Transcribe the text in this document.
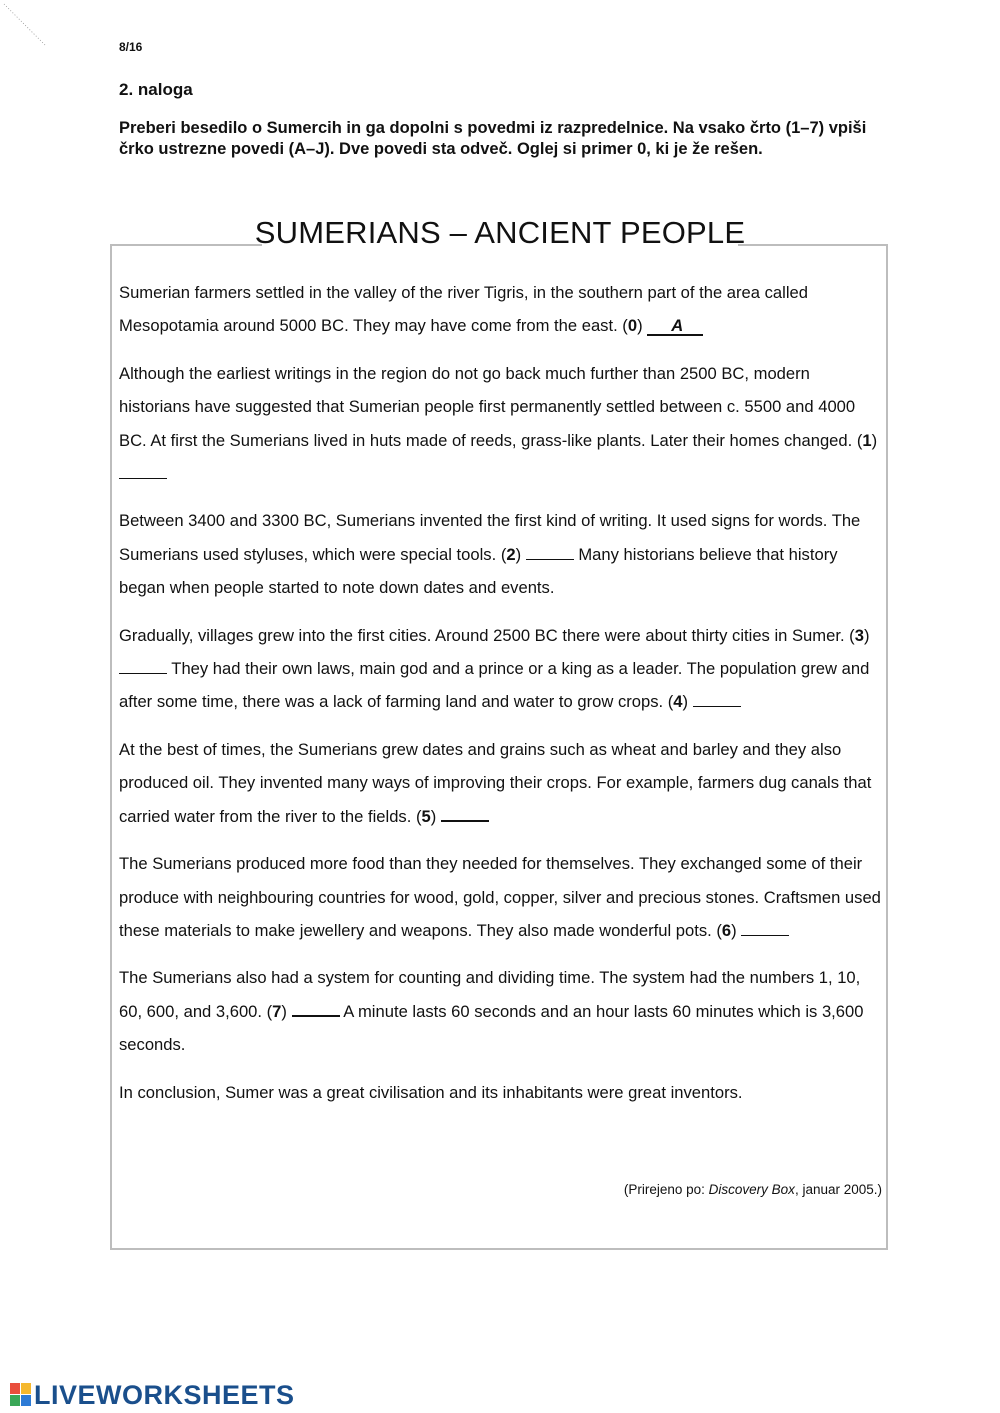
8/16
2. naloga
Preberi besedilo o Sumercih in ga dopolni s povedmi iz razpredelnice. Na vsako črto (1–7) vpiši črko ustrezne povedi (A–J). Dve povedi sta odveč. Oglej si primer 0, ki je že rešen.
SUMERIANS – ANCIENT PEOPLE

Sumerian farmers settled in the valley of the river Tigris, in the southern part of the area called Mesopotamia around 5000 BC. They may have come from the east. (0) A

Although the earliest writings in the region do not go back much further than 2500 BC, modern historians have suggested that Sumerian people first permanently settled between c. 5500 and 4000 BC. At first the Sumerians lived in huts made of reeds, grass-like plants. Later their homes changed. (1)

Between 3400 and 3300 BC, Sumerians invented the first kind of writing. It used signs for words. The Sumerians used styluses, which were special tools. (2)	Many historians believe that history began when people started to note down dates and events.

Gradually, villages grew into the first cities. Around 2500 BC there were about thirty cities in Sumer. (3)  They had their own laws, main god and a prince or a king as a leader. The population grew and after some time, there was a lack of farming land and water to grow crops. (4)

At the best of times, the Sumerians grew dates and grains such as wheat and barley and they also produced oil. They invented many ways of improving their crops. For example, farmers dug canals that carried water from the river to the fields. (5)

The Sumerians produced more food than they needed for themselves. They exchanged some of their produce with neighbouring countries for wood, gold, copper, silver and precious stones. Craftsmen used these materials to make jewellery and weapons. They also made wonderful pots. (6)

The Sumerians also had a system for counting and dividing time. The system had the numbers 1, 10, 60, 600, and 3,600. (7)	A minute lasts 60 seconds and an hour lasts 60 minutes which is 3,600 seconds.

In conclusion, Sumer was a great civilisation and its inhabitants were great inventors.

(Prirejeno po: Discovery Box, januar 2005.)
LIVEWORKSHEETS
